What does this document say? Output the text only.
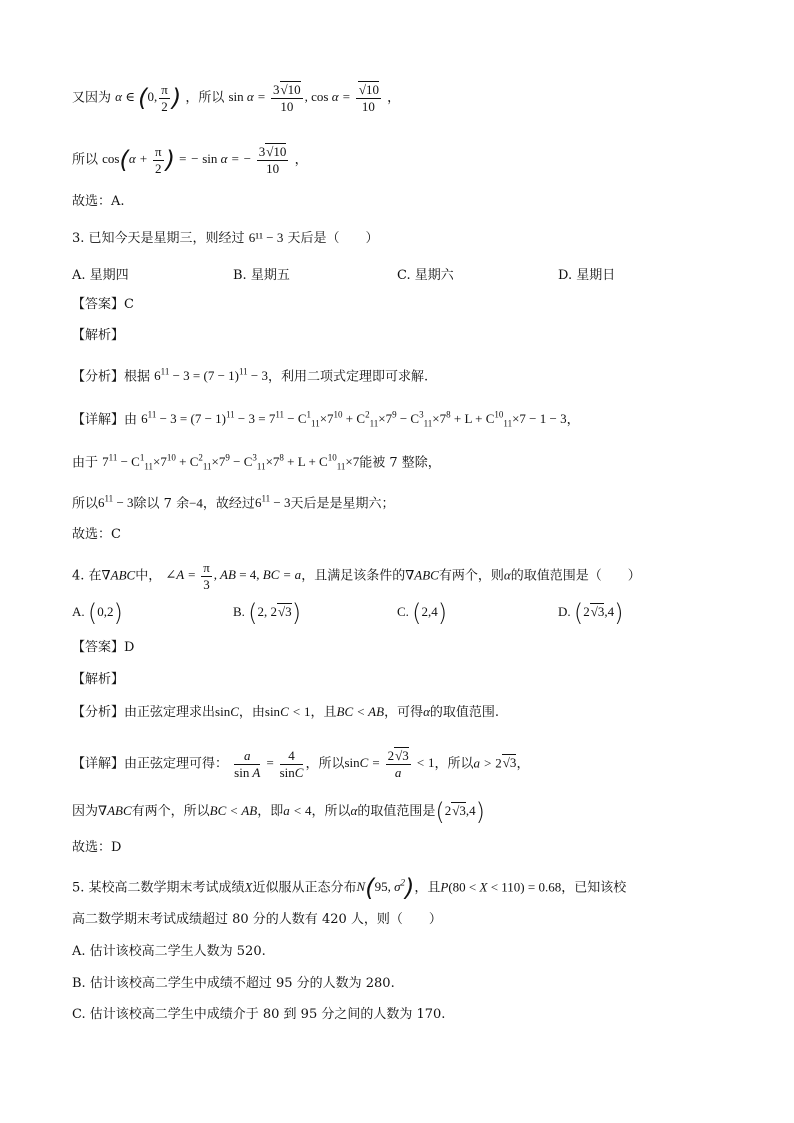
又因为 α ∈ (0, $\frac{\pi}{2}$ ) ，所以 $\sin \alpha = \frac{3√10}{10}$ , $\cos \alpha = \frac{√10}{10}$ ，
所以 $\cos(\alpha + \frac{\pi}{2}$ ) = − sin α = − $\frac{3√10}{10}$ ，
故选：A.
3. 已知今天是星期三，则经过 6¹¹ − 3 天后是（　　）
A. 星期四	B. 星期五	C. 星期六	D. 星期日
【答案】C
【解析】
【分析】根据 $6^{11} - 3 = (7 - 1)^{11} - 3$，利用二项式定理即可求解.
【详解】由 $6^{11} - 3 = (7 - 1)^{11} - 3 = 7^{11} - C^1_{11}\times 7^{10} + C^2_{11}\times 7^9 - C^3_{11}\times 7^8 + L + C^{10}_{11}\times 7 - 1 - 3$，
由于 $7^{11} - C^1_{11}\times 7^{10} + C^2_{11}\times 7^9 - C^3_{11}\times 7^8 + L + C^{10}_{11}\times 7$能被 7 整除，
所以$6^{11} - 3$除以 7 余−4，故经过$6^{11} - 3$天后是是星期六；
故选：C
4. 在∇ABC中， ∠A = $\frac{\pi}{3}$ , AB = 4, BC = a，且满足该条件的∇ABC有两个，则α的取值范围是（　　）
A. (0,2)	B. (2, 2√3)	C. (2,4)	D. (2√3,4)
【答案】D
【解析】
【分析】由正弦定理求出sinC，由sinC < 1，且BC < AB，可得α的取值范围.
【详解】由正弦定理可得： $\frac{a}{\text{sin A}} = \frac{4}{\sin C}$ ，所以$\sin C = \frac{2√3}{a} < 1$，所以a > 2√3，
因为∇ABC有两个，所以BC < AB，即a < 4，所以α的取值范围是(2√3,4)
故选：D
5. 某校高二数学期末考试成绩X近似服从正态分布N(95, $\sigma^2$)，且P(80 < X < 110) = 0.68，已知该校
高二数学期末考试成绩超过 80 分的人数有 420 人，则（　　）
A. 估计该校高二学生人数为 520.
B. 估计该校高二学生中成绩不超过 95 分的人数为 280.
C. 估计该校高二学生中成绩介于 80 到 95 分之间的人数为 170.
